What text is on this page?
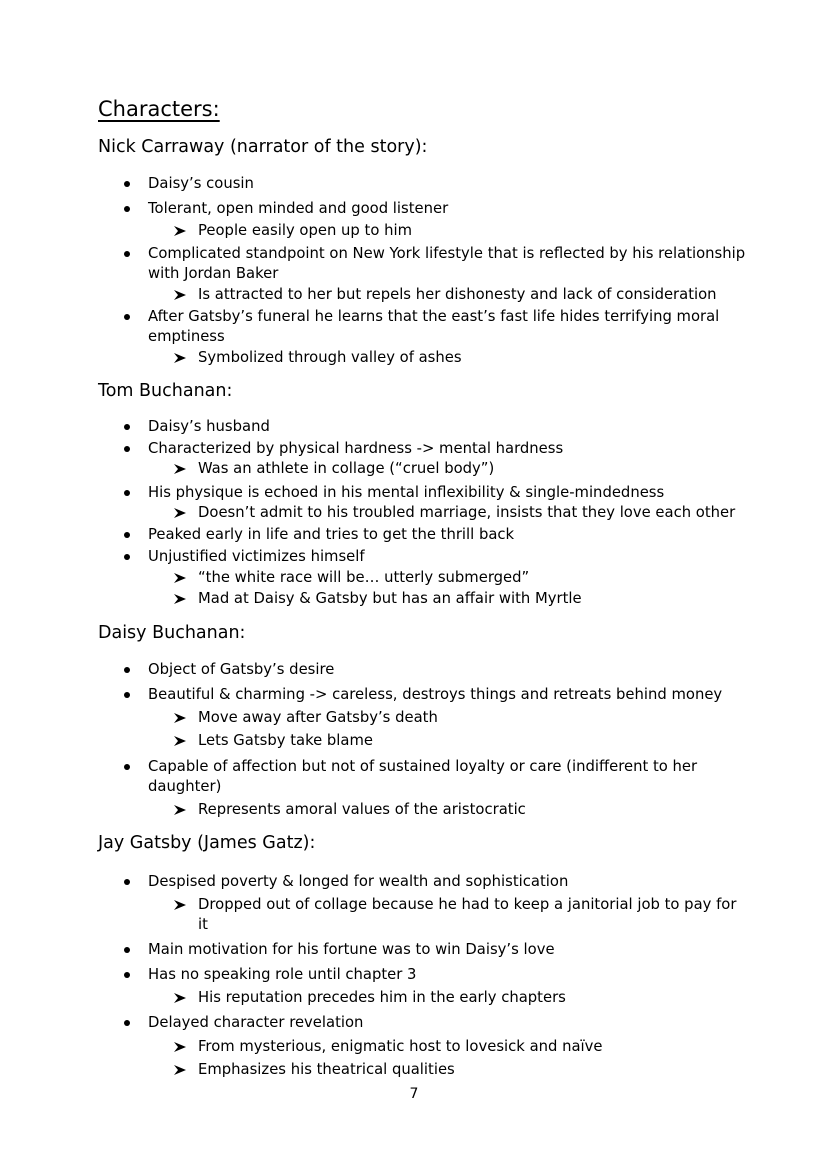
Characters:
Nick Carraway (narrator of the story):
Daisy’s cousin
Tolerant, open minded and good listener
People easily open up to him
Complicated standpoint on New York lifestyle that is reflected by his relationship
with Jordan Baker
Is attracted to her but repels her dishonesty and lack of consideration
After Gatsby’s funeral he learns that the east’s fast life hides terrifying moral
emptiness
Symbolized through valley of ashes
Tom Buchanan:
Daisy’s husband
Characterized by physical hardness -> mental hardness
Was an athlete in collage (“cruel body”)
His physique is echoed in his mental inflexibility & single-mindedness
Doesn’t admit to his troubled marriage, insists that they love each other
Peaked early in life and tries to get the thrill back
Unjustified victimizes himself
“the white race will be… utterly submerged”
Mad at Daisy & Gatsby but has an affair with Myrtle
Daisy Buchanan:
Object of Gatsby’s desire
Beautiful & charming -> careless, destroys things and retreats behind money
Move away after Gatsby’s death
Lets Gatsby take blame
Capable of affection but not of sustained loyalty or care (indifferent to her
daughter)
Represents amoral values of the aristocratic
Jay Gatsby (James Gatz):
Despised poverty & longed for wealth and sophistication
Dropped out of collage because he had to keep a janitorial job to pay for
it
Main motivation for his fortune was to win Daisy’s love
Has no speaking role until chapter 3
His reputation precedes him in the early chapters
Delayed character revelation
From mysterious, enigmatic host to lovesick and naïve
Emphasizes his theatrical qualities
7
